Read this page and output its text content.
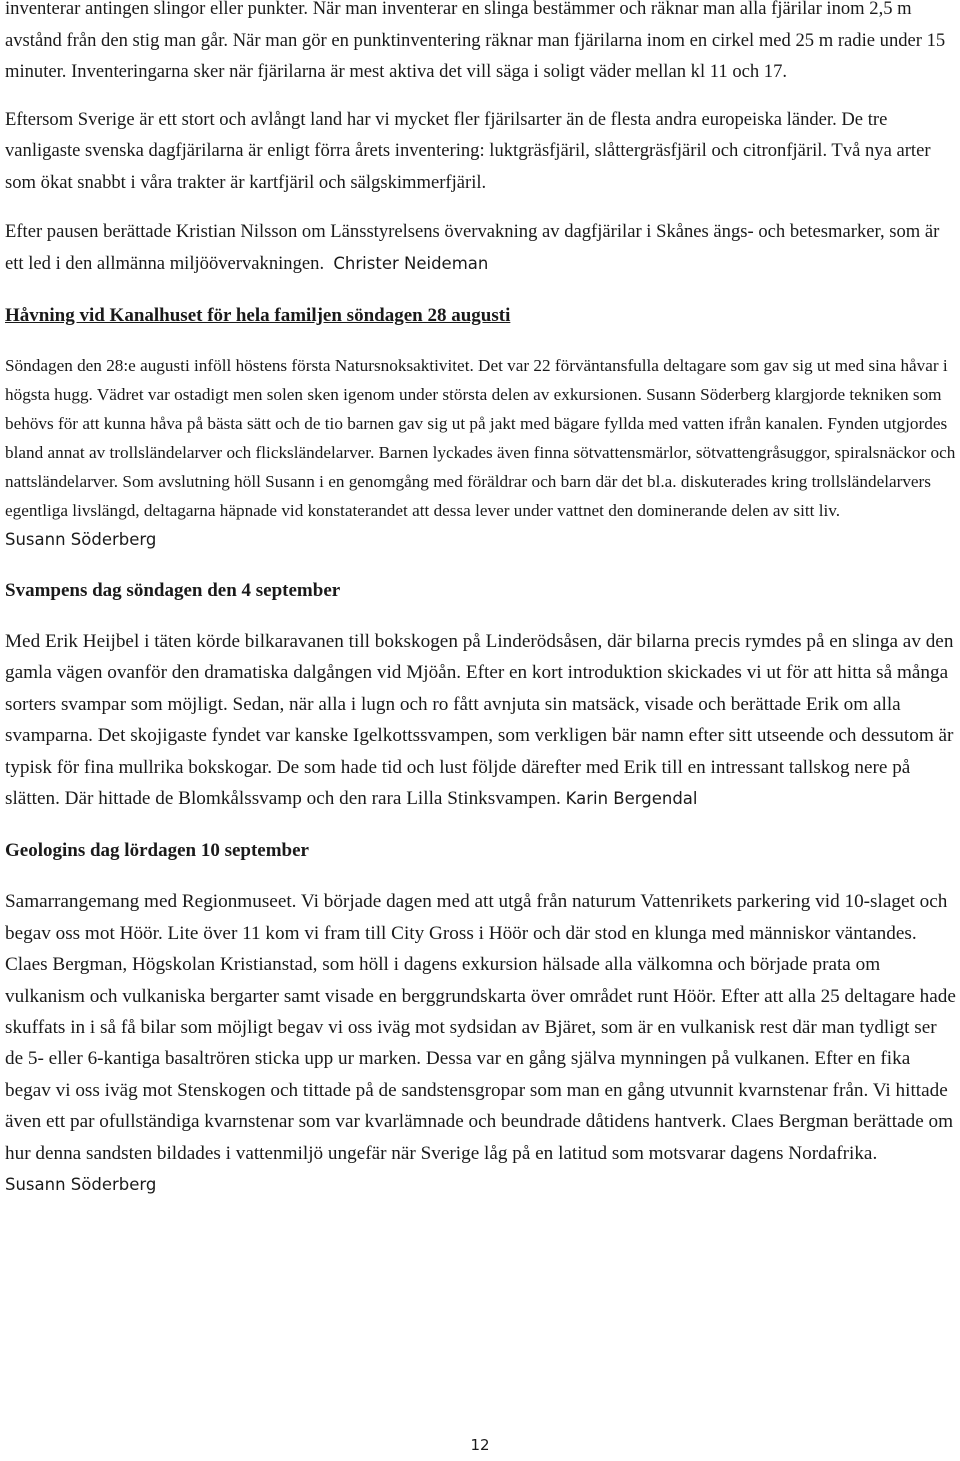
inventerar antingen slingor eller punkter. När man inventerar en slinga bestämmer och räknar man alla fjärilar inom 2,5 m avstånd från den stig man går. När man gör en punktinventering räknar man fjärilarna inom en cirkel med 25 m radie under 15 minuter. Inventeringarna sker när fjärilarna är mest aktiva det vill säga i soligt väder mellan kl 11 och 17.

Eftersom Sverige är ett stort och avlångt land har vi mycket fler fjärilsarter än de flesta andra europeiska länder. De tre vanligaste svenska dagfjärilarna är enligt förra årets inventering: luktgräsfjäril, slåttergräsfjäril och citronfjäril. Två nya arter som ökat snabbt i våra trakter är kartfjäril och sälgskimmerfjäril.

Efter pausen berättade Kristian Nilsson om Länsstyrelsens övervakning av dagfjärilar i Skånes ängs- och betesmarker, som är ett led i den allmänna miljöövervakningen. Christer Neideman

Håvning vid Kanalhuset för hela familjen söndagen 28 augusti

Söndagen den 28:e augusti inföll höstens första Natursnoksaktivitet. Det var 22 förväntansfulla deltagare som gav sig ut med sina håvar i högsta hugg. Vädret var ostadigt men solen sken igenom under största delen av exkursionen. Susann Söderberg klargjorde tekniken som behövs för att kunna håva på bästa sätt och de tio barnen gav sig ut på jakt med bägare fyllda med vatten ifrån kanalen. Fynden utgjordes bland annat av trollsländelarver och flicksländelarver. Barnen lyckades även finna sötvattensmärlor, sötvattengråsuggor, spiralsnäckor och nattsländelarver. Som avslutning höll Susann i en genomgång med föräldrar och barn där det bl.a. diskuterades kring trollsländelarvers egentliga livslängd, deltagarna häpnade vid konstaterandet att dessa lever under vattnet den dominerande delen av sitt liv.  Susann Söderberg

Svampens dag söndagen den 4 september

Med Erik Heijbel i täten körde bilkaravanen till bokskogen på Linderödsåsen, där bilarna precis rymdes på en slinga av den gamla vägen ovanför den dramatiska dalgången vid Mjöån. Efter en kort introduktion skickades vi ut för att hitta så många sorters svampar som möjligt. Sedan, när alla i lugn och ro fått avnjuta sin matsäck, visade och berättade Erik om alla svamparna. Det skojigaste fyndet var kanske Igelkottssvampen, som verkligen bär namn efter sitt utseende och dessutom är typisk för fina mullrika bokskogar. De som hade tid och lust följde därefter med Erik till en intressant tallskog nere på slätten. Där hittade de Blomkålssvamp och den rara Lilla Stinksvampen. Karin Bergendal

Geologins dag lördagen 10 september

Samarrangemang med Regionmuseet. Vi började dagen med att utgå från naturum Vattenrikets parkering vid 10-slaget och begav oss mot Höör. Lite över 11 kom vi fram till City Gross i Höör och där stod en klunga med människor väntandes. Claes Bergman, Högskolan Kristianstad, som höll i dagens exkursion hälsade alla välkomna och började prata om vulkanism och vulkaniska bergarter samt visade en berggrundskarta över området runt Höör. Efter att alla 25 deltagare hade skuffats in i så få bilar som möjligt begav vi oss iväg mot sydsidan av Bjäret, som är en vulkanisk rest där man tydligt ser de 5- eller 6-kantiga basaltrören sticka upp ur marken. Dessa var en gång själva mynningen på vulkanen. Efter en fika begav vi oss iväg mot Stenskogen och tittade på de sandstensgropar som man en gång utvunnit kvarnstenar från. Vi hittade även ett par ofullständiga kvarnstenar som var kvarlämnade och beundrade dåtidens hantverk. Claes Bergman berättade om hur denna sandsten bildades i vattenmiljö ungefär när Sverige låg på en latitud som motsvarar dagens Nordafrika.  Susann Söderberg

12
